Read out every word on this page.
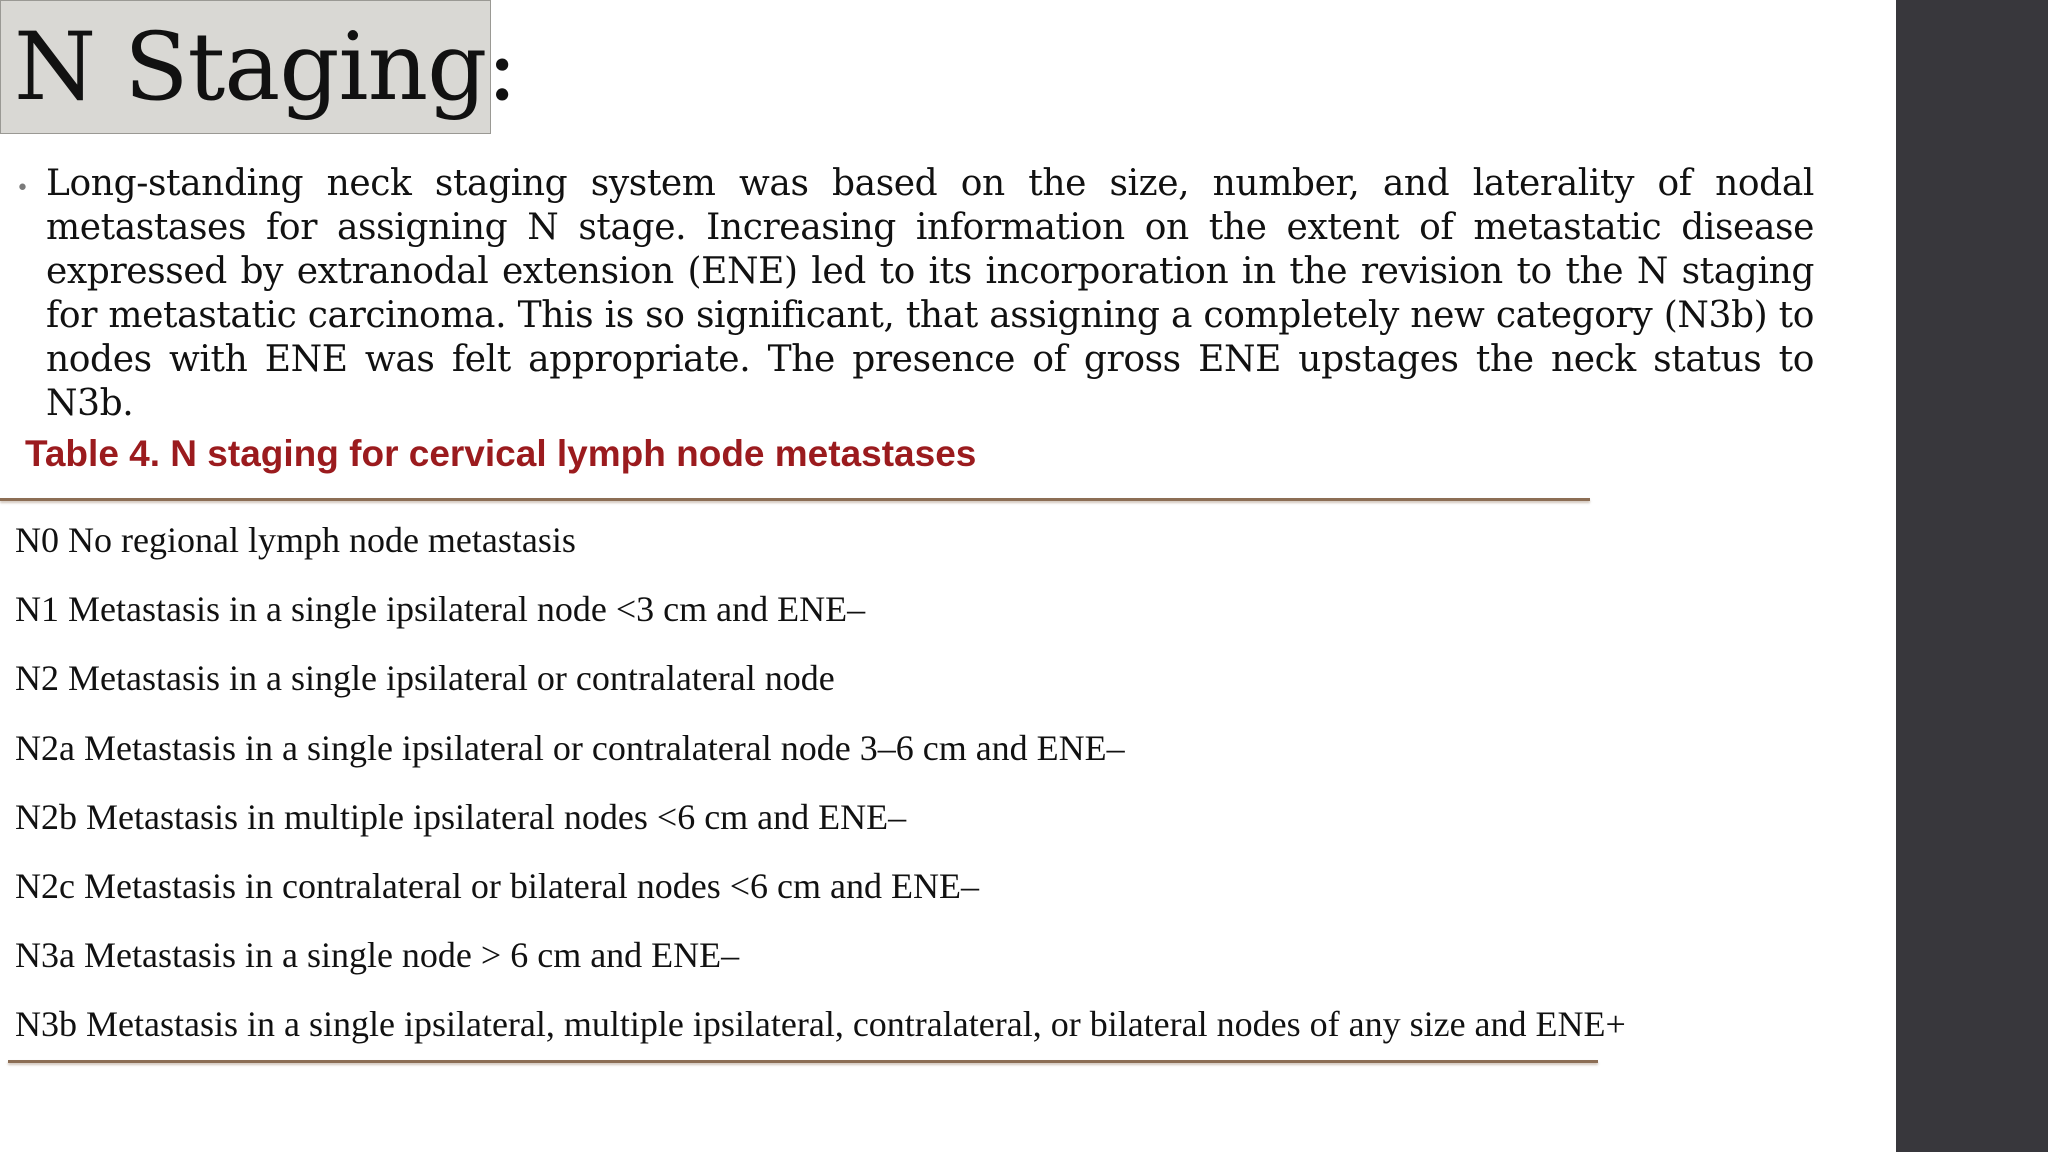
N Staging:
• Long-standing neck staging system was based on the size, number, and laterality of nodal metastases for assigning N stage. Increasing information on the extent of metastatic disease expressed by extranodal extension (ENE) led to its incorporation in the revision to the N staging for metastatic carcinoma. This is so significant, that assigning a completely new category (N3b) to nodes with ENE was felt appropriate. The presence of gross ENE upstages the neck status to N3b.
Table 4. N staging for cervical lymph node metastases
N0 No regional lymph node metastasis
N1 Metastasis in a single ipsilateral node <3 cm and ENE–
N2 Metastasis in a single ipsilateral or contralateral node
N2a Metastasis in a single ipsilateral or contralateral node 3–6 cm and ENE–
N2b Metastasis in multiple ipsilateral nodes <6 cm and ENE–
N2c Metastasis in contralateral or bilateral nodes <6 cm and ENE–
N3a Metastasis in a single node > 6 cm and ENE–
N3b Metastasis in a single ipsilateral, multiple ipsilateral, contralateral, or bilateral nodes of any size and ENE+
